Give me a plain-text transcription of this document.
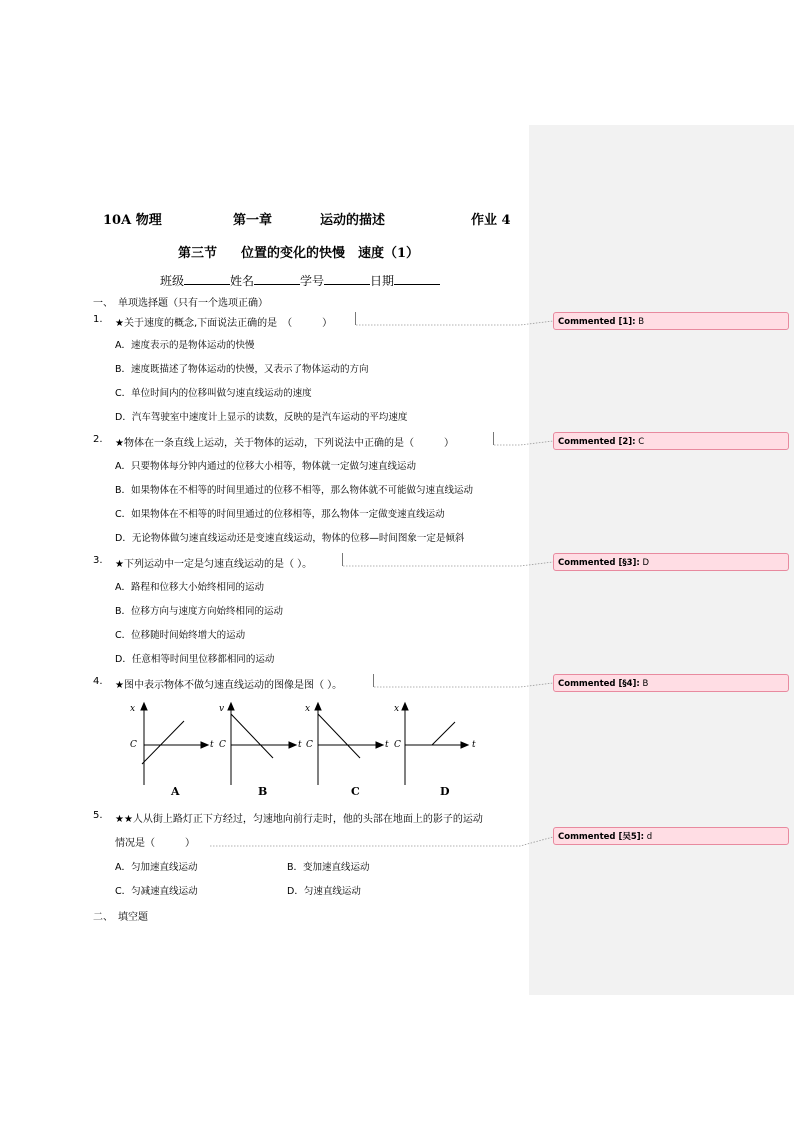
10A 物理	第一章	运动的描述	作业 4
第三节 位置的变化的快慢　速度（1）
班级	姓名	学号	日期
一、　单项选择题（只有一个选项正确）
1. ★关于速度的概念,下面说法正确的是　（　　　）
A．速度表示的是物体运动的快慢
B．速度既描述了物体运动的快慢，又表示了物体运动的方向
C．单位时间内的位移叫做匀速直线运动的速度
D．汽车驾驶室中速度计上显示的读数，反映的是汽车运动的平均速度
2. ★物体在一条直线上运动，关于物体的运动，下列说法中正确的是（　　　）
A．只要物体每分钟内通过的位移大小相等，物体就一定做匀速直线运动
B．如果物体在不相等的时间里通过的位移不相等，那么物体就不可能做匀速直线运动
C．如果物体在不相等的时间里通过的位移相等，那么物体一定做变速直线运动
D．无论物体做匀速直线运动还是变速直线运动，物体的位移—时间图象一定是倾斜
3. ★下列运动中一定是匀速直线运动的是（ ）。
A．路程和位移大小始终相同的运动
B．位移方向与速度方向始终相同的运动
C．位移随时间始终增大的运动
D．任意相等时间里位移都相同的运动
4. ★图中表示物体不做匀速直线运动的图像是图（ ）。
x	v	x	x
C	t C	t C	t C	t
A	B	C	D
5. ★★人从街上路灯正下方经过，匀速地向前行走时，他的头部在地面上的影子的运动
情况是（　　　）
A．匀加速直线运动	B．变加速直线运动
C．匀减速直线运动	D．匀速直线运动
二、　填空题
Commented [1]: B
Commented [2]: C
Commented [§3]: D
Commented [§4]: B
Commented [吴5]: d
